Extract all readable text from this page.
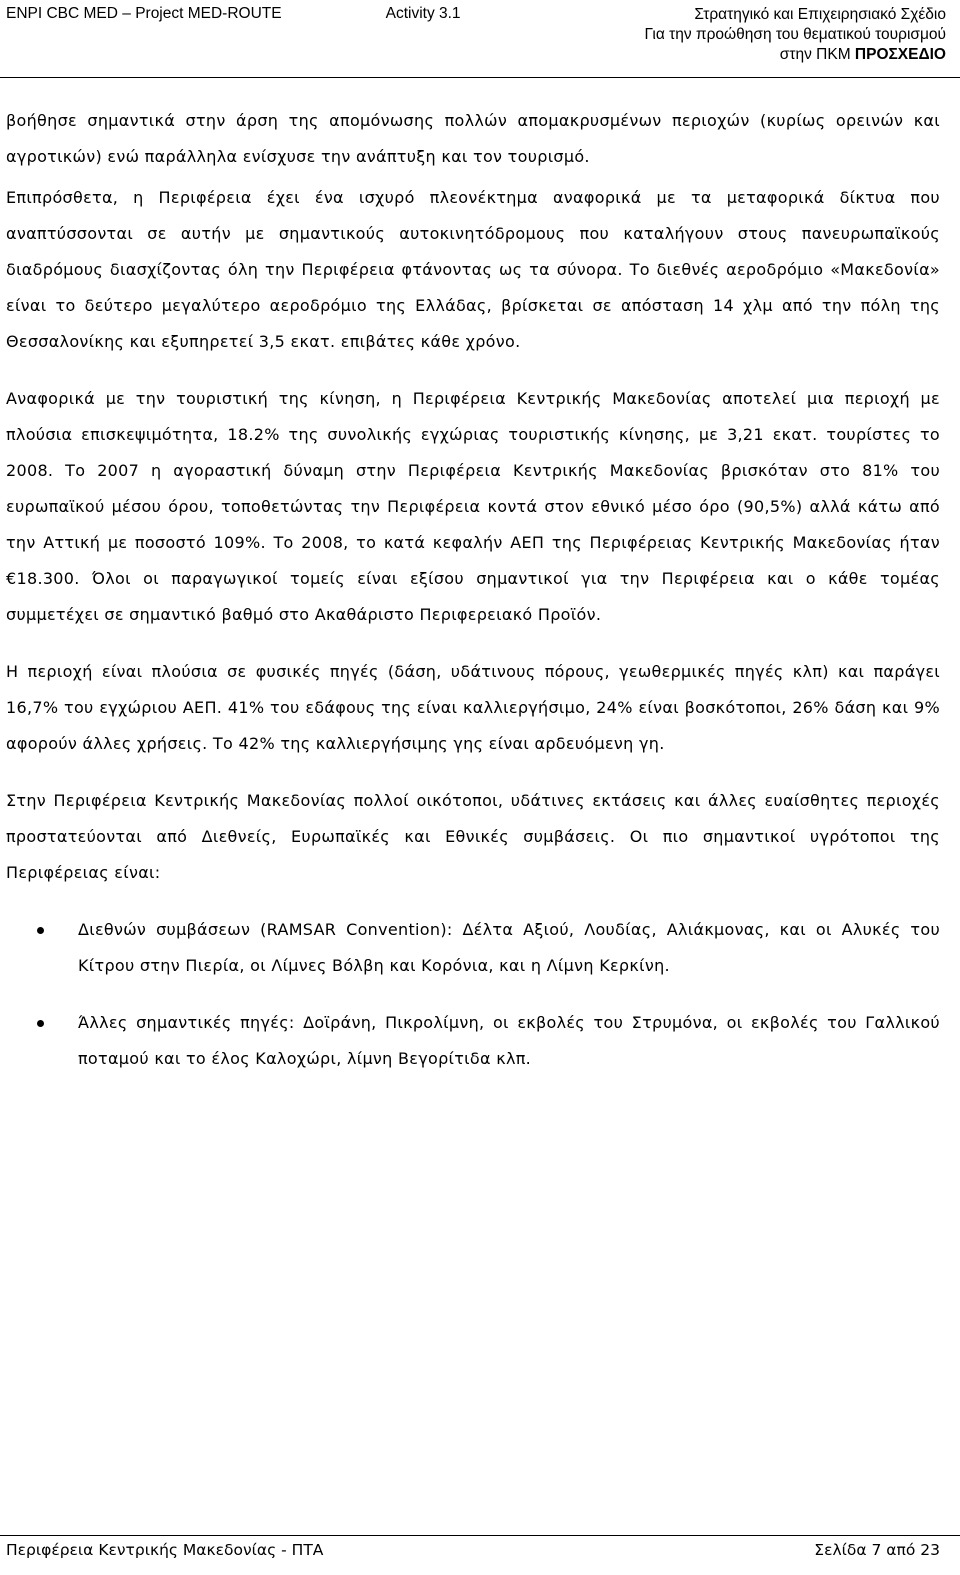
ENPI CBC MED – Project MED-ROUTE	Activity 3.1	Στρατηγικό και Επιχειρησιακό Σχέδιο
Για την προώθηση του θεματικού τουρισμού
στην ΠΚΜ ΠΡΟΣΧΕΔΙΟ

βοήθησε σημαντικά στην άρση της απομόνωσης πολλών απομακρυσμένων περιοχών (κυρίως ορεινών και αγροτικών) ενώ παράλληλα ενίσχυσε την ανάπτυξη και τον τουρισμό.

Επιπρόσθετα, η Περιφέρεια έχει ένα ισχυρό πλεονέκτημα αναφορικά με τα μεταφορικά δίκτυα που αναπτύσσονται σε αυτήν με σημαντικούς αυτοκινητόδρομους που καταλήγουν στους πανευρωπαϊκούς διαδρόμους διασχίζοντας όλη την Περιφέρεια φτάνοντας ως τα σύνορα. Το διεθνές αεροδρόμιο «Μακεδονία» είναι το δεύτερο μεγαλύτερο αεροδρόμιο της Ελλάδας, βρίσκεται σε απόσταση 14 χλμ από την πόλη της Θεσσαλονίκης και εξυπηρετεί 3,5 εκατ. επιβάτες κάθε χρόνο.

Αναφορικά με την τουριστική της κίνηση, η Περιφέρεια Κεντρικής Μακεδονίας αποτελεί μια περιοχή με πλούσια επισκεψιμότητα, 18.2% της συνολικής εγχώριας τουριστικής κίνησης, με 3,21 εκατ. τουρίστες το 2008. Το 2007 η αγοραστική δύναμη στην Περιφέρεια Κεντρικής Μακεδονίας βρισκόταν στο 81% του ευρωπαϊκού μέσου όρου, τοποθετώντας την Περιφέρεια κοντά στον εθνικό μέσο όρο (90,5%) αλλά κάτω από την Αττική με ποσοστό 109%. Το 2008, το κατά κεφαλήν ΑΕΠ της Περιφέρειας Κεντρικής Μακεδονίας ήταν €18.300. Όλοι οι παραγωγικοί τομείς είναι εξίσου σημαντικοί για την Περιφέρεια και ο κάθε τομέας συμμετέχει σε σημαντικό βαθμό στο Ακαθάριστο Περιφερειακό Προϊόν.

Η περιοχή είναι πλούσια σε φυσικές πηγές (δάση, υδάτινους πόρους, γεωθερμικές πηγές κλπ) και παράγει 16,7% του εγχώριου ΑΕΠ. 41% του εδάφους της είναι καλλιεργήσιμο, 24% είναι βοσκότοποι, 26% δάση και 9% αφορούν άλλες χρήσεις. Το 42% της καλλιεργήσιμης γης είναι αρδευόμενη γη.

Στην Περιφέρεια Κεντρικής Μακεδονίας πολλοί οικότοποι, υδάτινες εκτάσεις και άλλες ευαίσθητες περιοχές προστατεύονται από Διεθνείς, Ευρωπαϊκές και Εθνικές συμβάσεις. Οι πιο σημαντικοί υγρότοποι της Περιφέρειας είναι:

Διεθνών συμβάσεων (RAMSAR Convention): Δέλτα Αξιού, Λουδίας, Αλιάκμονας, και οι Αλυκές του Κίτρου στην Πιερία, οι Λίμνες Βόλβη και Κορόνια, και η Λίμνη Κερκίνη.
Άλλες σημαντικές πηγές: Δοϊράνη, Πικρολίμνη, οι εκβολές του Στρυμόνα, οι εκβολές του Γαλλικού ποταμού και το έλος Καλοχώρι, λίμνη Βεγορίτιδα κλπ.
Περιφέρεια Κεντρικής Μακεδονίας - ΠΤΑ	Σελίδα 7 από 23
